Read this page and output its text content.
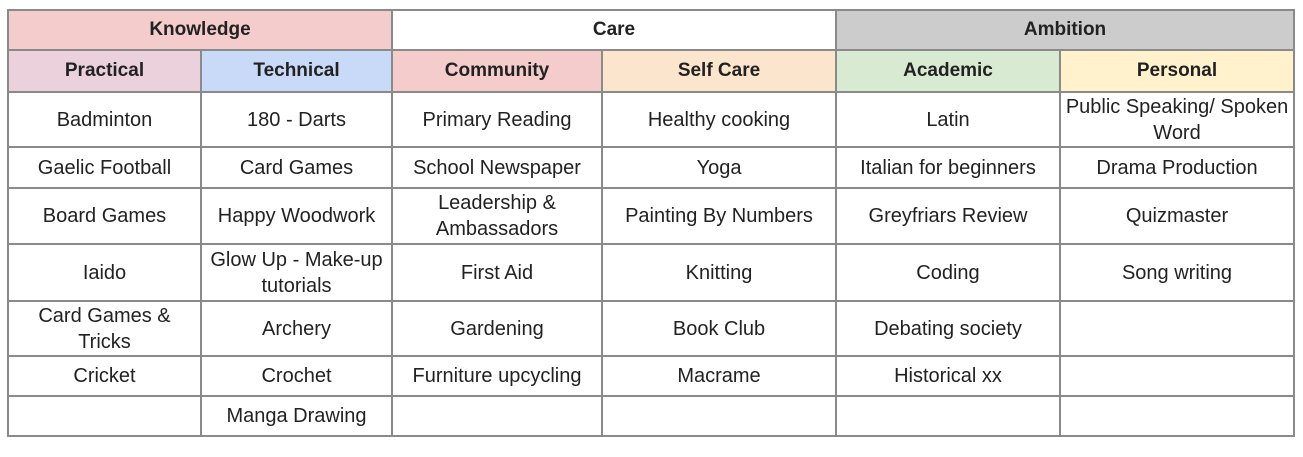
Knowledge		Care		Ambition	
Practical	Technical	Community	Self Care	Academic	Personal
Badminton	180 - Darts	Primary Reading	Healthy cooking	Latin	Public Speaking/ Spoken Word
Gaelic Football	Card Games	School Newspaper	Yoga	Italian for beginners	Drama Production
Board Games	Happy Woodwork	Leadership & Ambassadors	Painting By Numbers	Greyfriars Review	Quizmaster
Iaido	Glow Up - Make-up tutorials	First Aid	Knitting	Coding	Song writing
Card Games & Tricks	Archery	Gardening	Book Club	Debating society	
Cricket	Crochet	Furniture upcycling	Macrame	Historical xx	
	Manga Drawing				
